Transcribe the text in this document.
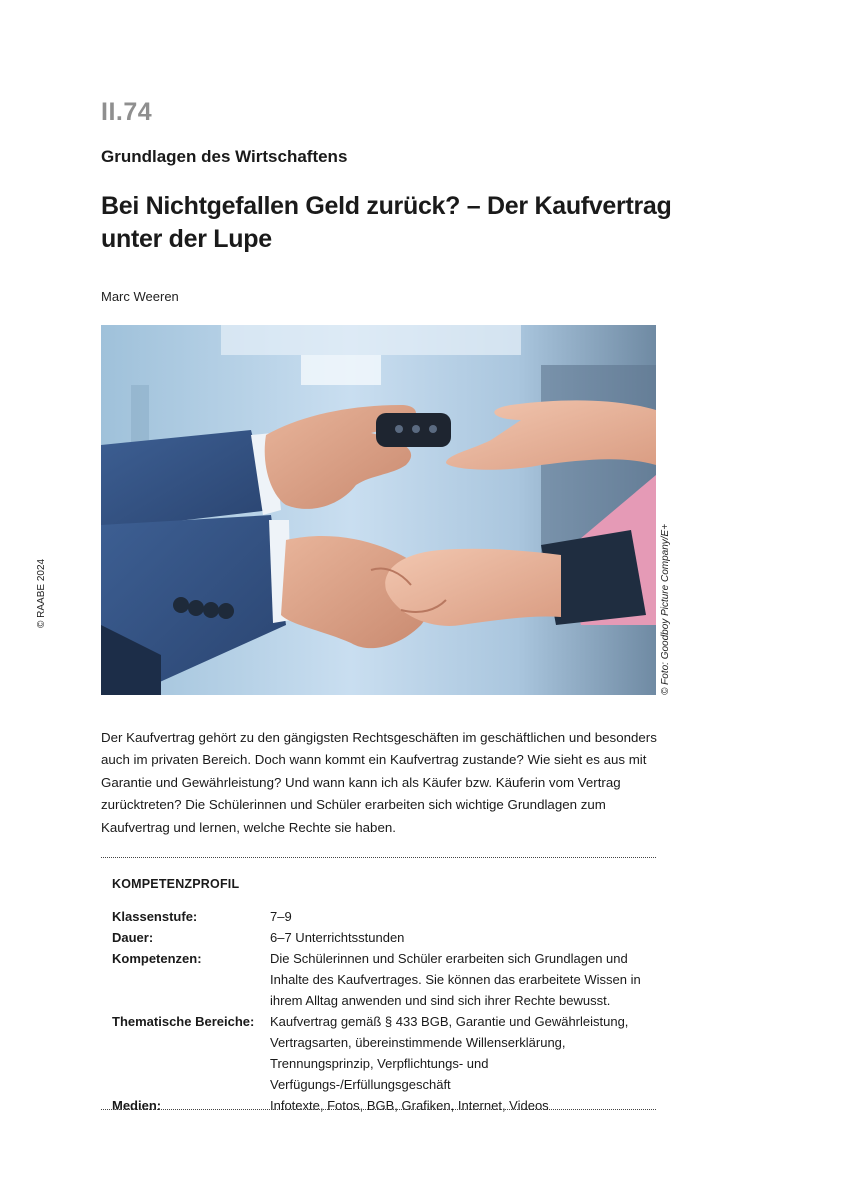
II.74
Grundlagen des Wirtschaftens
Bei Nichtgefallen Geld zurück? – Der Kaufvertrag unter der Lupe
Marc Weeren
© Foto: Goodboy Picture Company/E+
© RAABE 2024
Der Kaufvertrag gehört zu den gängigsten Rechtsgeschäften im geschäftlichen und besonders auch im privaten Bereich. Doch wann kommt ein Kaufvertrag zustande? Wie sieht es aus mit Garantie und Gewährleistung? Und wann kann ich als Käufer bzw. Käuferin vom Vertrag zurücktreten? Die Schülerinnen und Schüler erarbeiten sich wichtige Grundlagen zum Kaufvertrag und lernen, welche Rechte sie haben.
KOMPETENZPROFIL
Klassenstufe:	7–9
Dauer:	6–7 Unterrichtsstunden
Kompetenzen:	Die Schülerinnen und Schüler erarbeiten sich Grundlagen und Inhalte des Kaufvertrages. Sie können das erarbeitete Wissen in ihrem Alltag anwenden und sind sich ihrer Rechte bewusst.
Thematische Bereiche:	Kaufvertrag gemäß § 433 BGB, Garantie und Gewährleistung, Vertragsarten, übereinstimmende Willenserklärung, Trennungsprinzip, Verpflichtungs- und Verfügungs-/Erfüllungsgeschäft
Medien:	Infotexte, Fotos, BGB, Grafiken, Internet, Videos
